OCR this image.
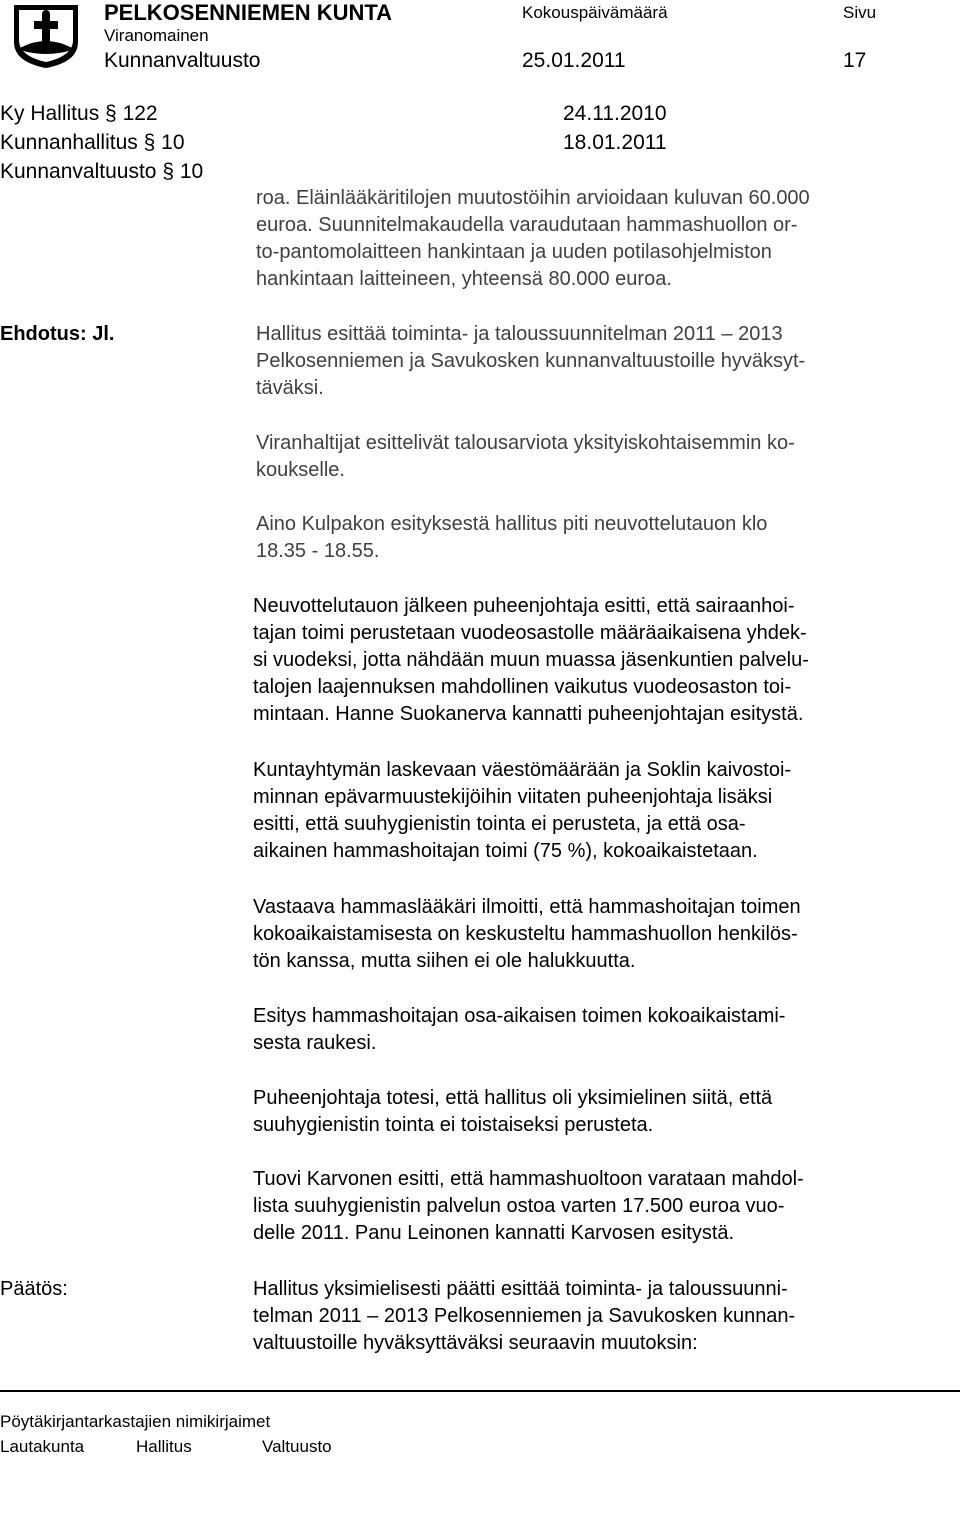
PELKOSENNIEMEN KUNTA
Viranomainen
Kunnanvaltuusto
Kokouspäivämäärä
25.01.2011
Sivu
17
Ky Hallitus § 122	24.11.2010
Kunnanhallitus § 10	18.01.2011
Kunnanvaltuusto § 10
roa. Eläinlääkäritilojen muutostöihin arvioidaan kuluvan 60.000
euroa. Suunnitelmakaudella varaudutaan hammashuollon or-
to-pantomolaitteen hankintaan ja uuden potilasohjelmiston
hankintaan laitteineen, yhteensä 80.000 euroa.
Ehdotus: Jl.	Hallitus esittää toiminta- ja taloussuunnitelman 2011 – 2013
Pelkosenniemen ja Savukosken kunnanvaltuustoille hyväksyt-
täväksi.
Viranhaltijat esittelivät talousarviota yksityiskohtaisemmin ko-
koukselle.
Aino Kulpakon esityksestä hallitus piti neuvottelutauon klo
18.35 - 18.55.
Neuvottelutauon jälkeen puheenjohtaja esitti, että sairaanhoi-
tajan toimi perustetaan vuodeosastolle määräaikaisena yhdek-
si vuodeksi, jotta nähdään muun muassa jäsenkuntien palvelu-
talojen laajennuksen mahdollinen vaikutus vuodeosaston toi-
mintaan. Hanne Suokanerva kannatti puheenjohtajan esitystä.
Kuntayhtymän laskevaan väestömäärään ja Soklin kaivostoi-
minnan epävarmuustekijöihin viitaten puheenjohtaja lisäksi
esitti, että suuhygienistin tointa ei perusteta, ja että osa-
aikainen hammashoitajan toimi (75 %), kokoaikaistetaan.
Vastaava hammaslääkäri ilmoitti, että hammashoitajan toimen
kokoaikaistamisesta on keskusteltu hammashuollon henkilös-
tön kanssa, mutta siihen ei ole halukkuutta.
Esitys hammashoitajan osa-aikaisen toimen kokoaikaistami-
sesta raukesi.
Puheenjohtaja totesi, että hallitus oli yksimielinen siitä, että
suuhygienistin tointa ei toistaiseksi perusteta.
Tuovi Karvonen esitti, että hammashuoltoon varataan mahdol-
lista suuhygienistin palvelun ostoa varten 17.500 euroa vuo-
delle 2011. Panu Leinonen kannatti Karvosen esitystä.
Päätös:	Hallitus yksimielisesti päätti esittää toiminta- ja taloussuunni-
telman 2011 – 2013 Pelkosenniemen ja Savukosken kunnan-
valtuustoille hyväksyttäväksi seuraavin muutoksin:
Pöytäkirjantarkastajien nimikirjaimet
Lautakunta	Hallitus	Valtuusto
